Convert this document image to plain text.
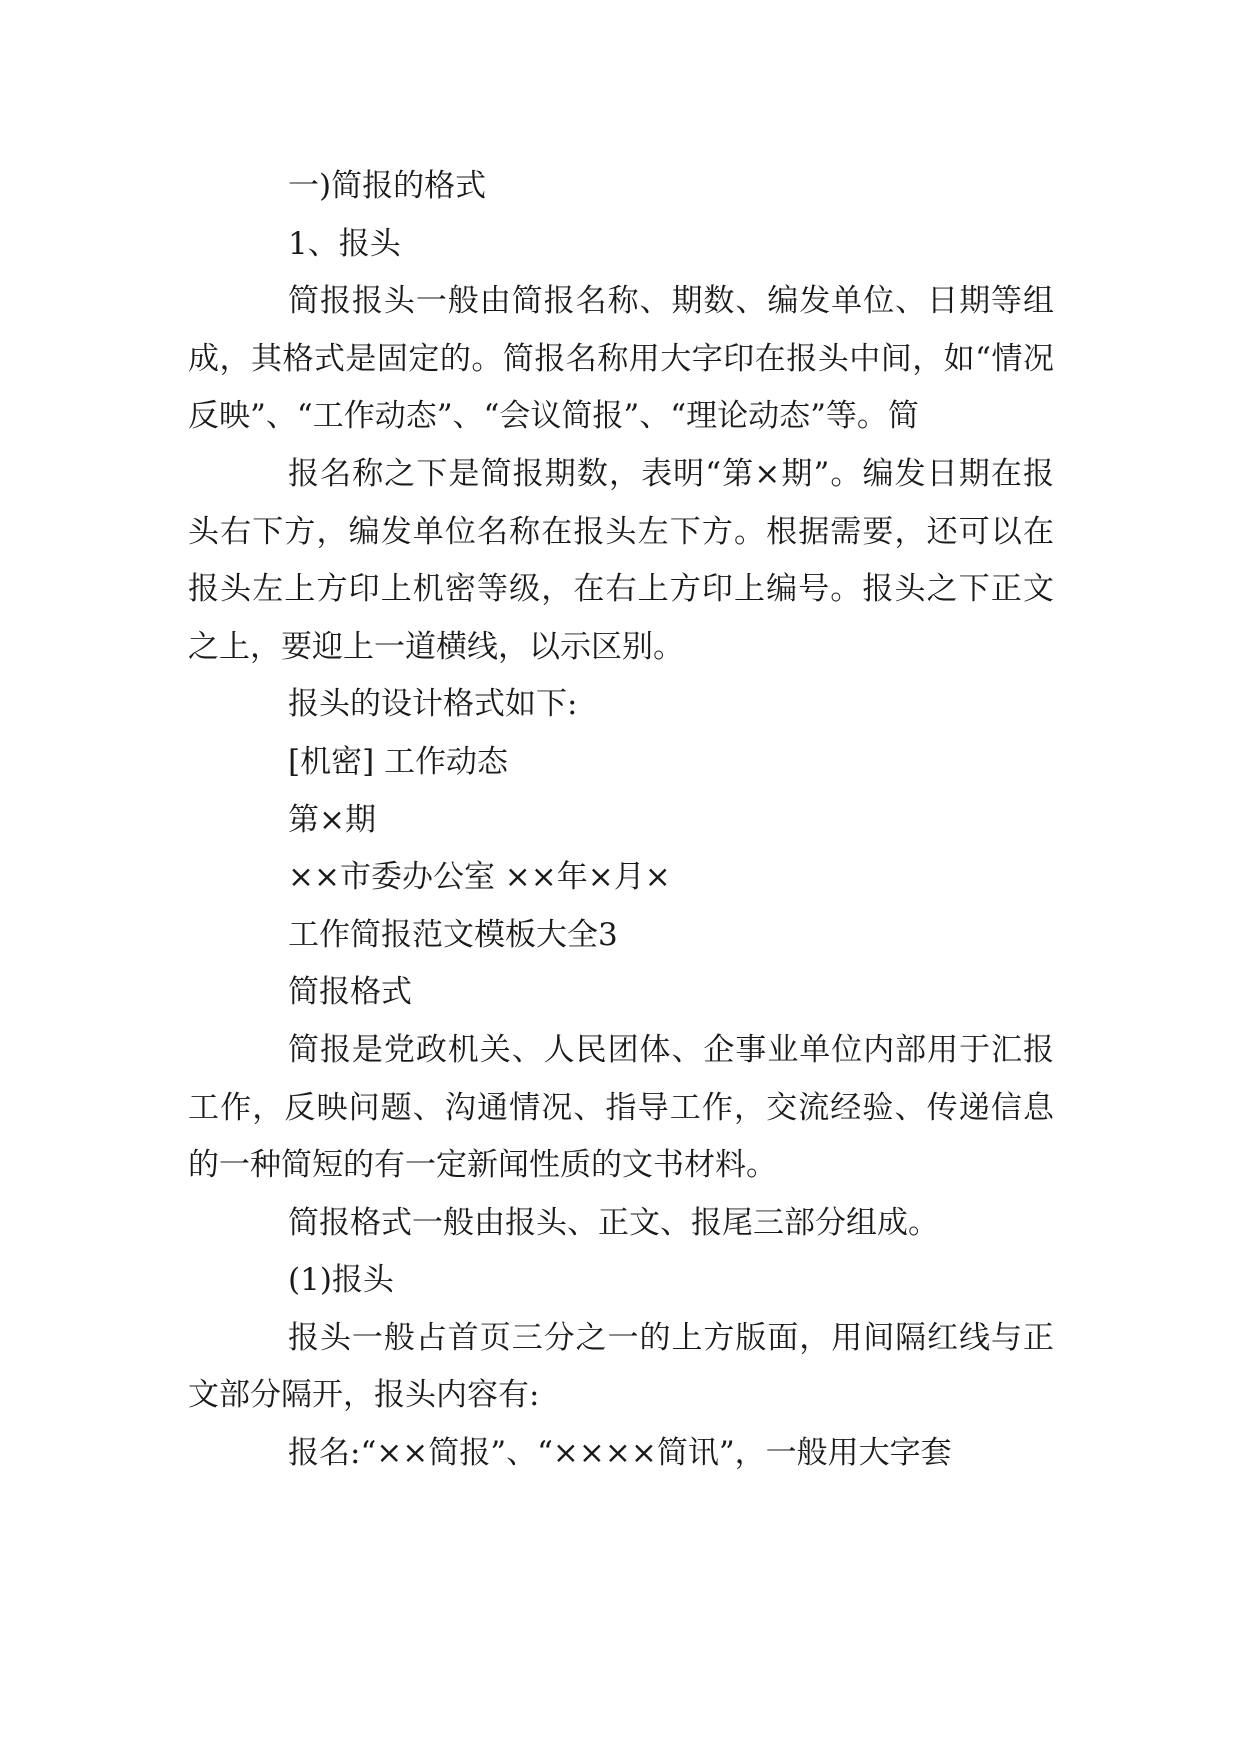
一)简报的格式

1、报头

简报报头一般由简报名称、期数、编发单位、日期等组成，其格式是固定的。简报名称用大字印在报头中间，如“情况反映”、“工作动态”、“会议简报”、“理论动态”等。简

报名称之下是简报期数，表明“第×期”。编发日期在报头右下方，编发单位名称在报头左下方。根据需要，还可以在报头左上方印上机密等级，在右上方印上编号。报头之下正文之上，要迎上一道横线，以示区别。

报头的设计格式如下:

[机密] 工作动态

第×期

××市委办公室 ××年×月×

工作简报范文模板大全3

简报格式

简报是党政机关、人民团体、企事业单位内部用于汇报工作，反映问题、沟通情况、指导工作，交流经验、传递信息的一种简短的有一定新闻性质的文书材料。

简报格式一般由报头、正文、报尾三部分组成。

(1)报头

报头一般占首页三分之一的上方版面，用间隔红线与正文部分隔开，报头内容有:

报名:“××简报”、“××××简讯”，一般用大字套
